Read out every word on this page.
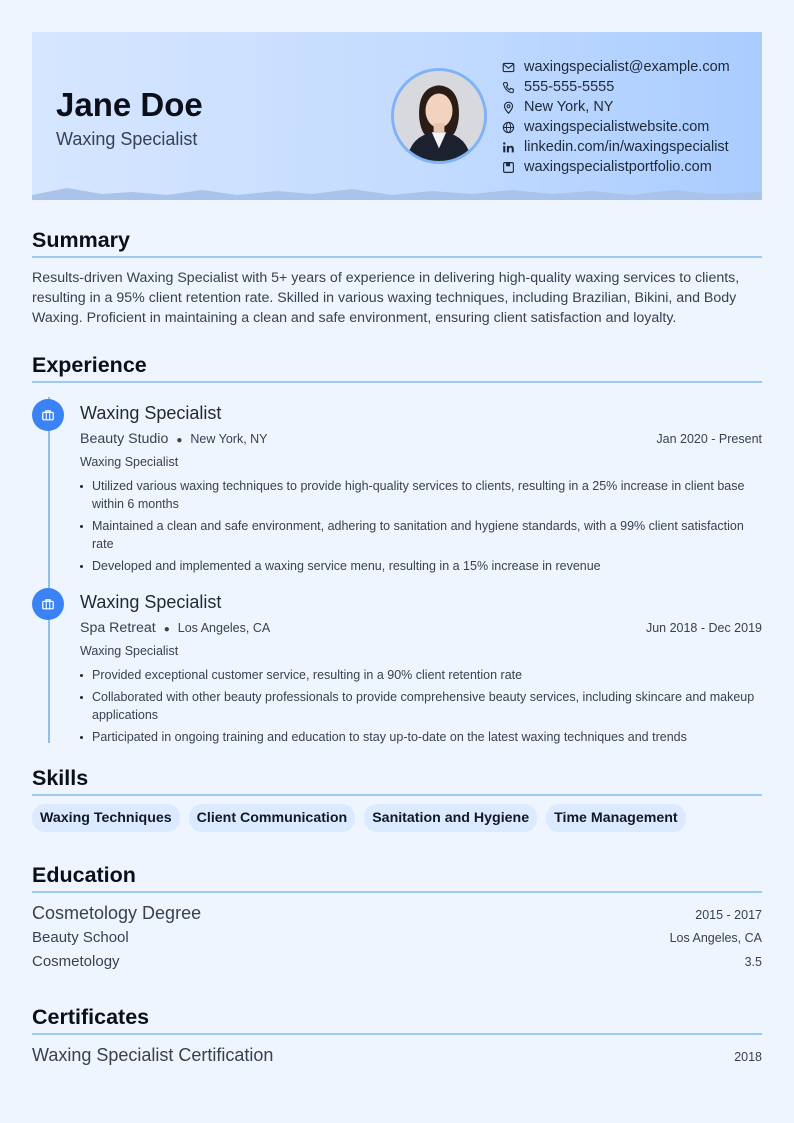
Jane Doe
Waxing Specialist
waxingspecialist@example.com
555-555-5555
New York, NY
waxingspecialistwebsite.com
linkedin.com/in/waxingspecialist
waxingspecialistportfolio.com
Summary

Results-driven Waxing Specialist with 5+ years of experience in delivering high-quality waxing services to clients, resulting in a 95% client retention rate. Skilled in various waxing techniques, including Brazilian, Bikini, and Body Waxing. Proficient in maintaining a clean and safe environment, ensuring client satisfaction and loyalty.

Experience
Waxing Specialist
Beauty Studio ● New York, NY	Jan 2020 - Present
Waxing Specialist
Utilized various waxing techniques to provide high-quality services to clients, resulting in a 25% increase in client base within 6 months
Maintained a clean and safe environment, adhering to sanitation and hygiene standards, with a 99% client satisfaction rate
Developed and implemented a waxing service menu, resulting in a 15% increase in revenue
Waxing Specialist
Spa Retreat ● Los Angeles, CA	Jun 2018 - Dec 2019
Waxing Specialist
Provided exceptional customer service, resulting in a 90% client retention rate
Collaborated with other beauty professionals to provide comprehensive beauty services, including skincare and makeup applications
Participated in ongoing training and education to stay up-to-date on the latest waxing techniques and trends
Skills
Waxing Techniques	Client Communication	Sanitation and Hygiene	Time Management
Education
Cosmetology Degree	2015 - 2017
Beauty School	Los Angeles, CA
Cosmetology	3.5
Certificates
Waxing Specialist Certification	2018
